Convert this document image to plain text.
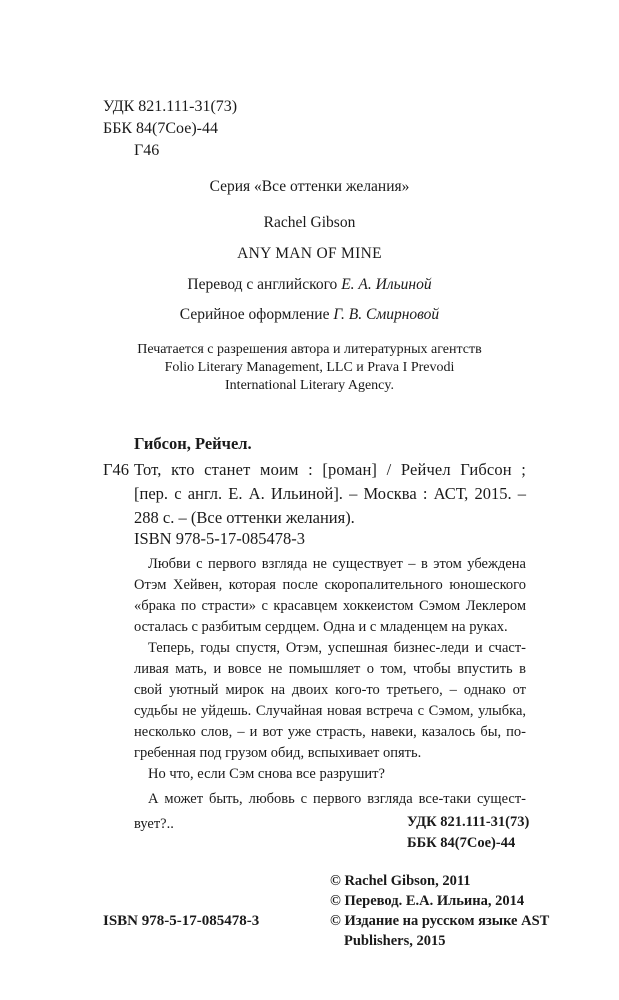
УДК 821.111-31(73)
ББК 84(7Сое)-44
Г46
Серия «Все оттенки желания»
Rachel Gibson
ANY MAN OF MINE
Перевод с английского Е. А. Ильиной
Серийное оформление Г. В. Смирновой
Печатается с разрешения автора и литературных агентств
Folio Literary Management, LLC и Prava I Prevodi
International Literary Agency.
Гибсон, Рейчел.
Г46 Тот, кто станет моим : [роман] / Рейчел Гибсон ;
[пер. с англ. Е. А. Ильиной]. – Москва : АСТ, 2015. –
288 с. – (Все оттенки желания).
ISBN 978-5-17-085478-3

Любви с первого взгляда не существует – в этом убеждена

Отэм Хейвен, которая после скоропалительного юношеского

«брака по страсти» с красавцем хоккеистом Сэмом Леклером

осталась с разбитым сердцем. Одна и с младенцем на руках.

Теперь, годы спустя, Отэм, успешная бизнес-леди и счаст-

ливая мать, и вовсе не помышляет о том, чтобы впустить в

свой уютный мирок на двоих кого-то третьего, – однако от

судьбы не уйдешь. Случайная новая встреча с Сэмом, улыбка,

несколько слов, – и вот уже страсть, навеки, казалось бы, по-

гребенная под грузом обид, вспыхивает опять.

Но что, если Сэм снова все разрушит?

А может быть, любовь с первого взгляда все-таки сущест-

вует?..	УДК 821.111-31(73)
ББК 84(7Сое)-44
© Rachel Gibson, 2011
© Перевод. Е.А. Ильина, 2014
© Издание на русском языке AST
Publishers, 2015
ISBN 978-5-17-085478-3
